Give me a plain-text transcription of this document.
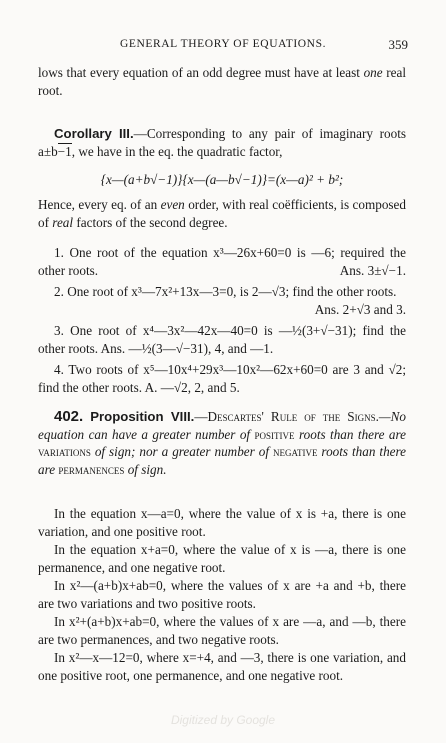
GENERAL THEORY OF EQUATIONS.	359
lows that every equation of an odd degree must have at least one real root.
Corollary III.—Corresponding to any pair of imaginary roots a±b−1, we have in the eq. the quadratic factor,
{x—(a+b√−1)}{x—(a—b√−1)}=(x—a)² + b²;
Hence, every eq. of an even order, with real coëfficients, is composed of real factors of the second degree.
1. One root of the equation x³—26x+60=0 is —6; required the other roots.	Ans. 3±√−1.
2. One root of x³—7x²+13x—3=0, is 2—√3; find the other roots.
Ans. 2+√3 and 3.
3. One root of x⁴—3x²—42x—40=0 is —½(3+√−31); find the other roots. Ans. —½(3—√−31), 4, and —1.
4. Two roots of x⁵—10x⁴+29x³—10x²—62x+60=0 are 3 and √2; find the other roots. A. —√2, 2, and 5.
402. Proposition VIII.—Descartes' Rule of the Signs.—No equation can have a greater number of positive roots than there are variations of sign; nor a greater number of negative roots than there are permanences of sign.
In the equation x—a=0, where the value of x is +a, there is one variation, and one positive root.
In the equation x+a=0, where the value of x is —a, there is one permanence, and one negative root.
In x²—(a+b)x+ab=0, where the values of x are +a and +b, there are two variations and two positive roots.
In x²+(a+b)x+ab=0, where the values of x are —a, and —b, there are two permanences, and two negative roots.
In x²—x—12=0, where x=+4, and —3, there is one variation, and one positive root, one permanence, and one negative root.
Digitized by Google
